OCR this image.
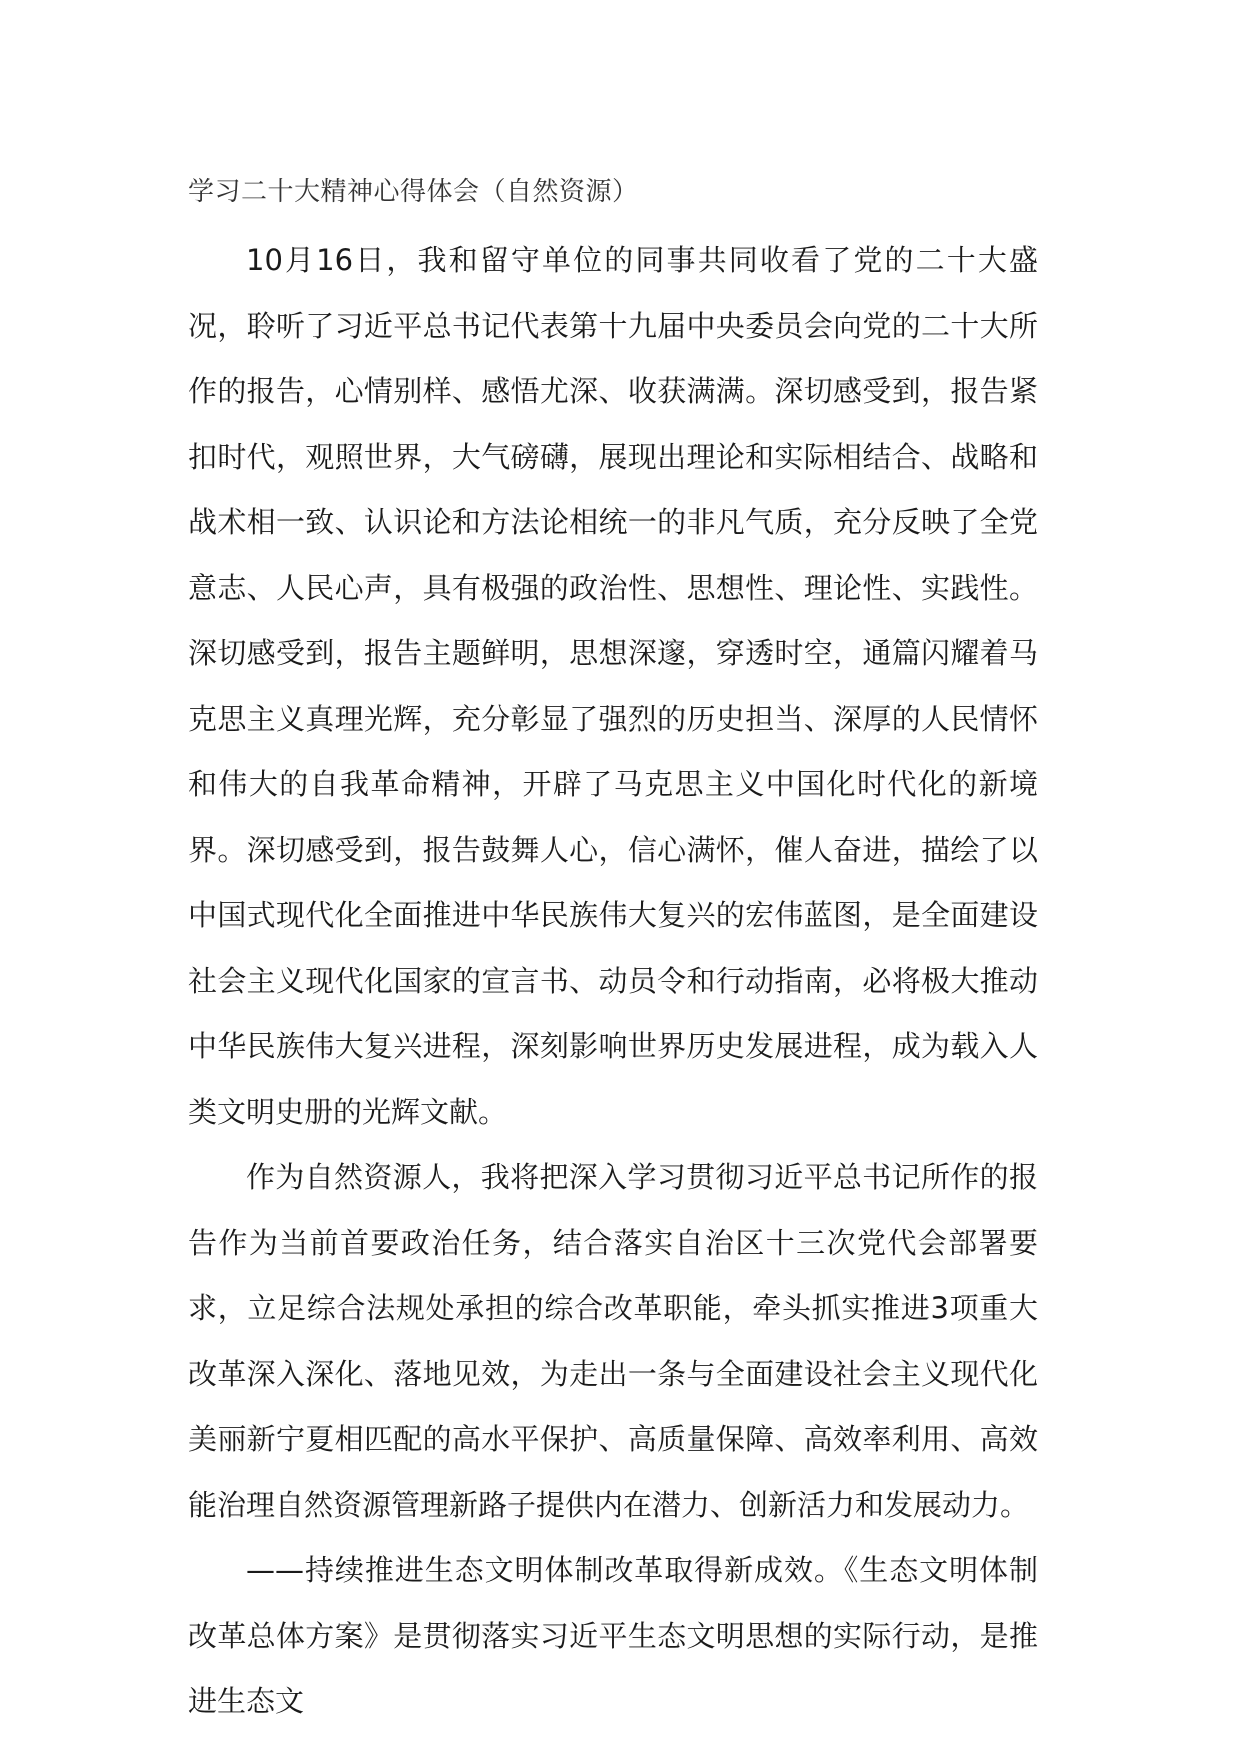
学习二十大精神心得体会（自然资源）

10月16日，我和留守单位的同事共同收看了党的二十大盛况，聆听了习近平总书记代表第十九届中央委员会向党的二十大所作的报告，心情别样、感悟尤深、收获满满。深切感受到，报告紧扣时代，观照世界，大气磅礴，展现出理论和实际相结合、战略和战术相一致、认识论和方法论相统一的非凡气质，充分反映了全党意志、人民心声，具有极强的政治性、思想性、理论性、实践性。深切感受到，报告主题鲜明，思想深邃，穿透时空，通篇闪耀着马克思主义真理光辉，充分彰显了强烈的历史担当、深厚的人民情怀和伟大的自我革命精神，开辟了马克思主义中国化时代化的新境界。深切感受到，报告鼓舞人心，信心满怀，催人奋进，描绘了以中国式现代化全面推进中华民族伟大复兴的宏伟蓝图，是全面建设社会主义现代化国家的宣言书、动员令和行动指南，必将极大推动中华民族伟大复兴进程，深刻影响世界历史发展进程，成为载入人类文明史册的光辉文献。

作为自然资源人，我将把深入学习贯彻习近平总书记所作的报告作为当前首要政治任务，结合落实自治区十三次党代会部署要求，立足综合法规处承担的综合改革职能，牵头抓实推进3项重大改革深入深化、落地见效，为走出一条与全面建设社会主义现代化美丽新宁夏相匹配的高水平保护、高质量保障、高效率利用、高效能治理自然资源管理新路子提供内在潜力、创新活力和发展动力。

——持续推进生态文明体制改革取得新成效。《生态文明体制改革总体方案》是贯彻落实习近平生态文明思想的实际行动，是推进生态文
